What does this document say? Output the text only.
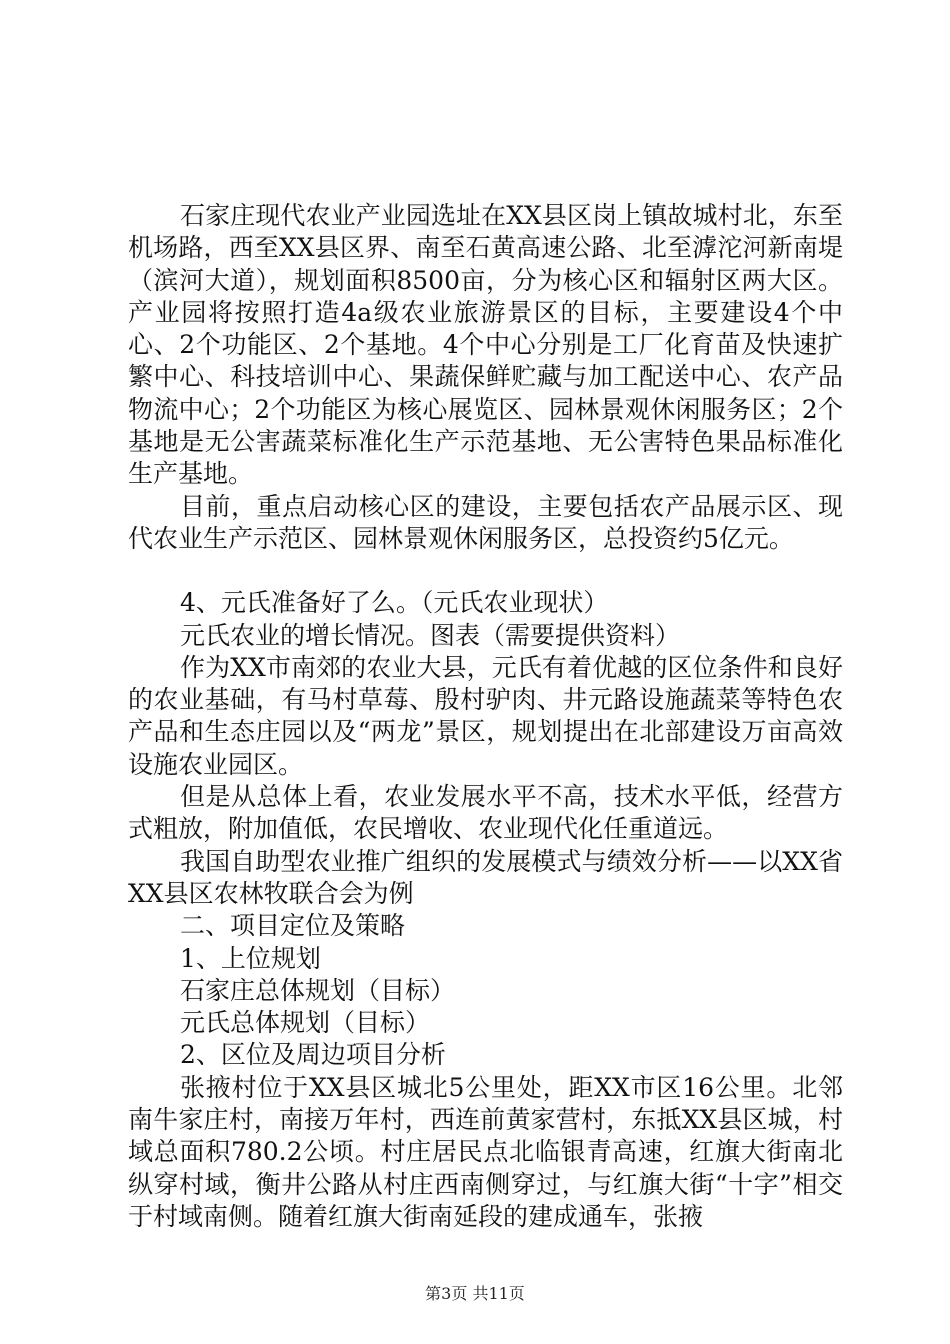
石家庄现代农业产业园选址在XX县区岗上镇故城村北，东至机场路，西至XX县区界、南至石黄高速公路、北至滹沱河新南堤（滨河大道），规划面积8500亩，分为核心区和辐射区两大区。产业园将按照打造4a级农业旅游景区的目标，主要建设4个中心、2个功能区、2个基地。4个中心分别是工厂化育苗及快速扩繁中心、科技培训中心、果蔬保鲜贮藏与加工配送中心、农产品物流中心；2个功能区为核心展览区、园林景观休闲服务区；2个基地是无公害蔬菜标准化生产示范基地、无公害特色果品标准化生产基地。

目前，重点启动核心区的建设，主要包括农产品展示区、现代农业生产示范区、园林景观休闲服务区，总投资约5亿元。

4、元氏准备好了么。（元氏农业现状）

元氏农业的增长情况。图表（需要提供资料）

作为XX市南郊的农业大县，元氏有着优越的区位条件和良好的农业基础，有马村草莓、殷村驴肉、井元路设施蔬菜等特色农产品和生态庄园以及“两龙”景区，规划提出在北部建设万亩高效设施农业园区。

但是从总体上看，农业发展水平不高，技术水平低，经营方式粗放，附加值低，农民增收、农业现代化任重道远。

我国自助型农业推广组织的发展模式与绩效分析——以XX省XX县区农林牧联合会为例

二、项目定位及策略

1、上位规划

石家庄总体规划（目标）

元氏总体规划（目标）

2、区位及周边项目分析

张掖村位于XX县区城北5公里处，距XX市区16公里。北邻南牛家庄村，南接万年村，西连前黄家营村，东抵XX县区城，村域总面积780.2公顷。村庄居民点北临银青高速，红旗大街南北纵穿村域，衡井公路从村庄西南侧穿过，与红旗大街“十字”相交于村域南侧。随着红旗大街南延段的建成通车，张掖

第3页 共11页
